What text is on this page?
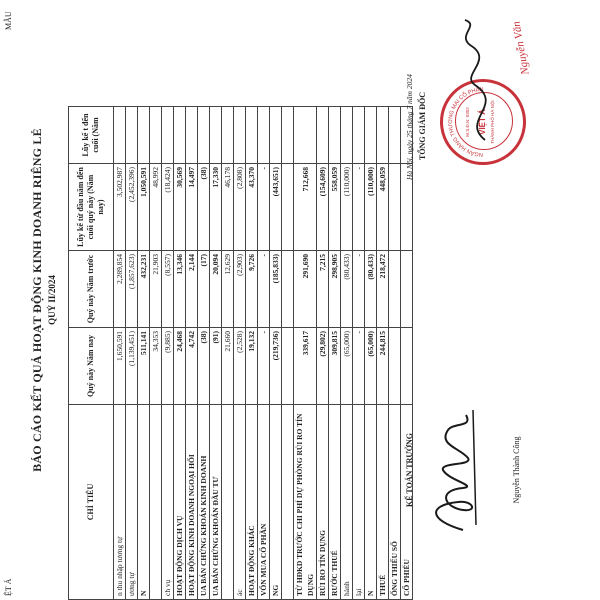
ỆT Á
MẪU
BÁO CÁO KẾT QUẢ HOẠT ĐỘNG KINH DOANH RIÊNG LẺ QUÝ II/2024
CHỈ TIÊU	Quý này Năm nay	Quý này Năm trước	Lũy kế từ đầu năm đến cuối quý này (Năm nay)	Lũy kế t đến cuối (Năm
n thu nhập tương tự	1,650,591	2,289,854	3,502,987	
ương tự	(1,139,451)	(1,857,623)	(2,452,396)	
N	511,141	432,231	1,050,591	
	34,353	21,903	48,992	
ch vụ	(9,885)	(8,557)	(18,424)	
HOẠT ĐỘNG DỊCH VỤ	24,468	13,346	30,569	
HOẠT ĐỘNG KINH DOANH NGOẠI HỐI	4,742	2,144	14,497	
UA BÁN CHỨNG KHOÁN KINH DOANH	(38)	(17)	(38)	
UA BÁN CHỨNG KHOÁN ĐẦU TƯ	(91)	20,094	17,330	
	21,660	12,629	46,178	
ác	(2,528)	(2,903)	(2,808)	
HOẠT ĐỘNG KHÁC	19,132	9,726	43,370	
VỐN MUA CỔ PHẦN	-	-	-	
NG	(219,736)	(185,833)	(443,651)	

TỪ HĐKD TRƯỚC CHI PHÍ DỰ PHÒNG RỦI RO TÍN DỤNG	339,617	291,690	712,668	
RỦI RO TÍN DỤNG	(29,802)	7,215	(154,609)	
RƯỚC THUẾ	309,815	298,905	558,059	
hành	(65,000)	(80,433)	(110,000)	
lại	-	-	-	
N	(65,000)	(80,433)	(110,000)	
THUẾ	244,815	218,472	448,059	
ỐNG THIỂU SỐ				
CỔ PHIẾU				
KẾ TOÁN TRƯỞNG	Nguyễn Thành Công
Hà Nội, ngày 25 tháng 7 năm 2024 TỔNG GIÁM ĐỐC	NGÂN HÀNG THƯƠNG MẠI CỔ PHẦN
VIỆT Á THÀNH PHỐ HÀ NỘI
M.S.Đ.N: 0302
Nguyễn Văn
